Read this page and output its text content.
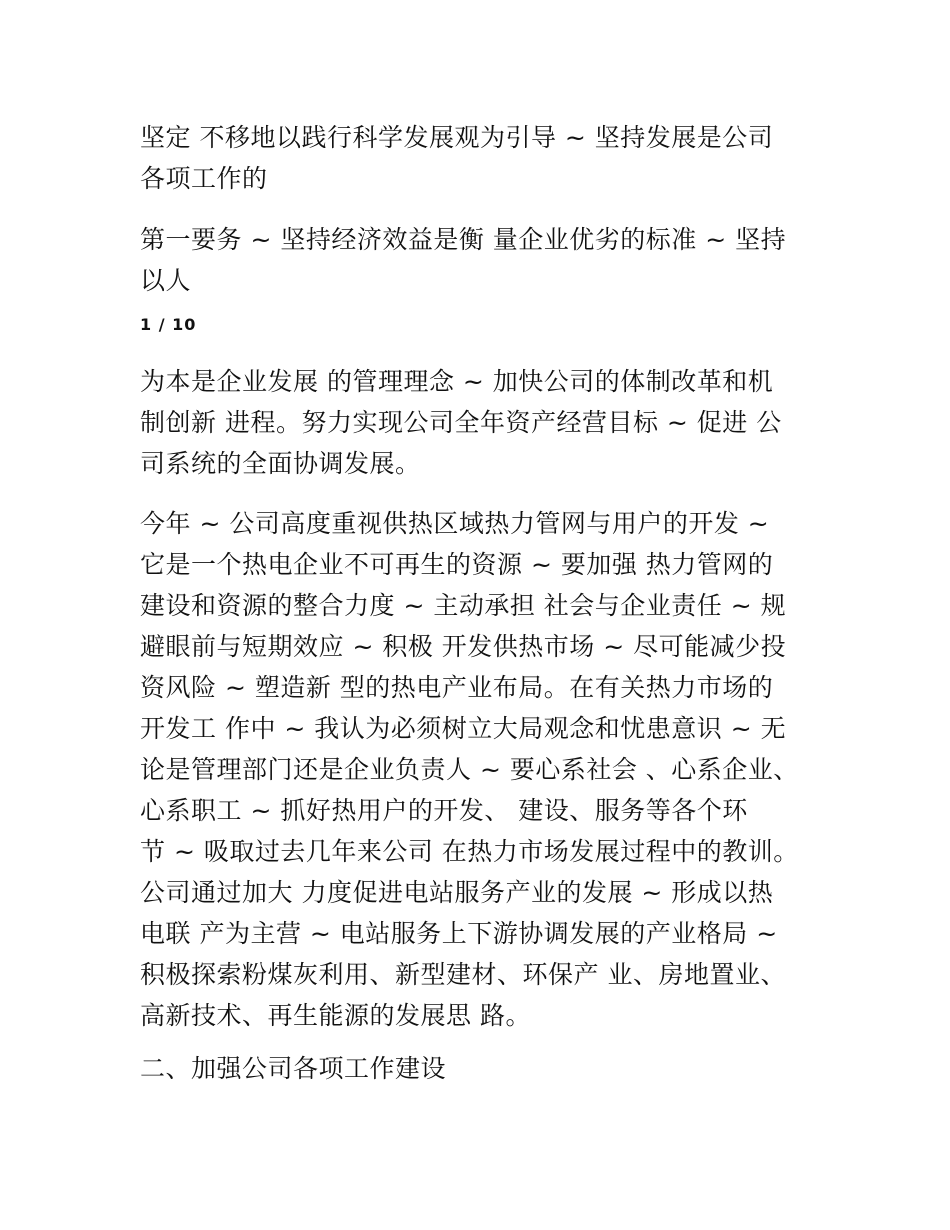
坚定 不移地以践行科学发展观为引导 ~ 坚持发展是公司
各项工作的

第一要务 ~ 坚持经济效益是衡 量企业优劣的标准 ~ 坚持
以人

1 / 10

为本是企业发展 的管理理念 ~ 加快公司的体制改革和机
制创新 进程。努力实现公司全年资产经营目标 ~ 促进 公
司系统的全面协调发展。

今年 ~ 公司高度重视供热区域热力管网与用户的开发 ~
它是一个热电企业不可再生的资源 ~ 要加强 热力管网的
建设和资源的整合力度 ~ 主动承担 社会与企业责任 ~ 规
避眼前与短期效应 ~ 积极 开发供热市场 ~ 尽可能减少投
资风险 ~ 塑造新 型的热电产业布局。在有关热力市场的
开发工 作中 ~ 我认为必须树立大局观念和忧患意识 ~ 无
论是管理部门还是企业负责人 ~ 要心系社会 、心系企业、
心系职工 ~ 抓好热用户的开发、 建设、服务等各个环
节 ~ 吸取过去几年来公司 在热力市场发展过程中的教训。
公司通过加大 力度促进电站服务产业的发展 ~ 形成以热
电联 产为主营 ~ 电站服务上下游协调发展的产业格局 ~
积极探索粉煤灰利用、新型建材、环保产 业、房地置业、
高新技术、再生能源的发展思 路。

二、加强公司各项工作建设
